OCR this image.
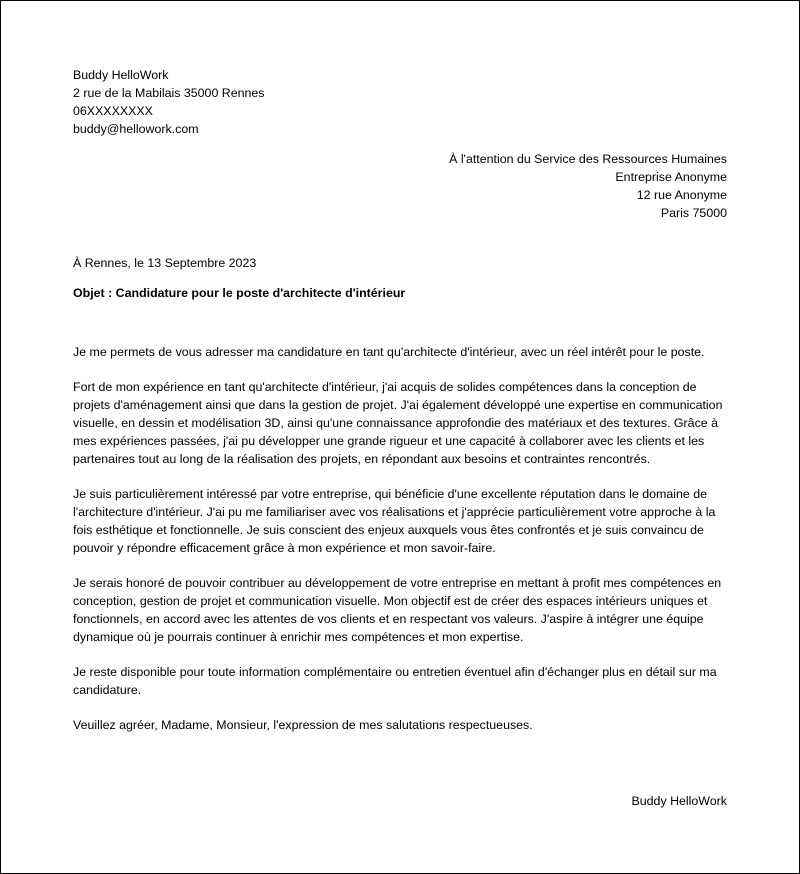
Buddy HelloWork
2 rue de la Mabilais 35000 Rennes
06XXXXXXXX
buddy@hellowork.com
À l'attention du Service des Ressources Humaines
Entreprise Anonyme
12 rue Anonyme
Paris 75000
À Rennes, le 13 Septembre 2023
Objet : Candidature pour le poste d'architecte d'intérieur

Je me permets de vous adresser ma candidature en tant qu'architecte d'intérieur, avec un réel intérêt pour le poste.

Fort de mon expérience en tant qu'architecte d'intérieur, j'ai acquis de solides compétences dans la conception de projets d'aménagement ainsi que dans la gestion de projet. J'ai également développé une expertise en communication visuelle, en dessin et modélisation 3D, ainsi qu'une connaissance approfondie des matériaux et des textures. Grâce à mes expériences passées, j'ai pu développer une grande rigueur et une capacité à collaborer avec les clients et les partenaires tout au long de la réalisation des projets, en répondant aux besoins et contraintes rencontrés.

Je suis particulièrement intéressé par votre entreprise, qui bénéficie d'une excellente réputation dans le domaine de l'architecture d'intérieur. J'ai pu me familiariser avec vos réalisations et j'apprécie particulièrement votre approche à la fois esthétique et fonctionnelle. Je suis conscient des enjeux auxquels vous êtes confrontés et je suis convaincu de pouvoir y répondre efficacement grâce à mon expérience et mon savoir-faire.

Je serais honoré de pouvoir contribuer au développement de votre entreprise en mettant à profit mes compétences en conception, gestion de projet et communication visuelle. Mon objectif est de créer des espaces intérieurs uniques et fonctionnels, en accord avec les attentes de vos clients et en respectant vos valeurs. J'aspire à intégrer une équipe dynamique où je pourrais continuer à enrichir mes compétences et mon expertise.

Je reste disponible pour toute information complémentaire ou entretien éventuel afin d'échanger plus en détail sur ma candidature.

Veuillez agréer, Madame, Monsieur, l'expression de mes salutations respectueuses.

Buddy HelloWork
